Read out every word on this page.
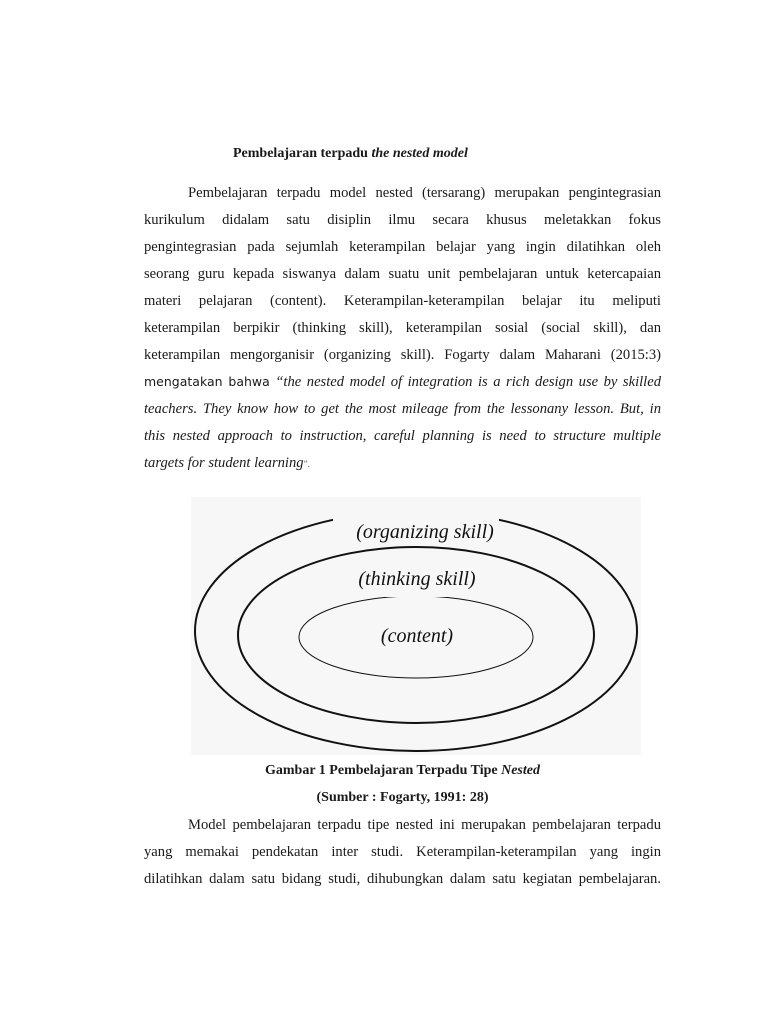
Pembelajaran terpadu the nested model
Pembelajaran terpadu model nested (tersarang) merupakan pengintegrasian
kurikulum didalam satu disiplin ilmu secara khusus meletakkan fokus
pengintegrasian pada sejumlah keterampilan belajar yang ingin dilatihkan oleh
seorang guru kepada siswanya dalam suatu unit pembelajaran untuk ketercapaian
materi pelajaran (content). Keterampilan-keterampilan belajar itu meliputi
keterampilan berpikir (thinking skill), keterampilan sosial (social skill), dan
keterampilan mengorganisir (organizing skill). Fogarty dalam Maharani (2015:3)
mengatakan bahwa “the nested model of integration is a rich design use by skilled
teachers. They know how to get the most mileage from the lessonany lesson. But, in
this nested approach to instruction, careful planning is need to structure multiple
targets for student learning”.
(organizing skill)
(thinking skill)
(content)
Gambar 1 Pembelajaran Terpadu Tipe Nested
(Sumber : Fogarty, 1991: 28)
Model pembelajaran terpadu tipe nested ini merupakan pembelajaran terpadu
yang memakai pendekatan inter studi. Keterampilan-keterampilan yang ingin
dilatihkan dalam satu bidang studi, dihubungkan dalam satu kegiatan pembelajaran.
